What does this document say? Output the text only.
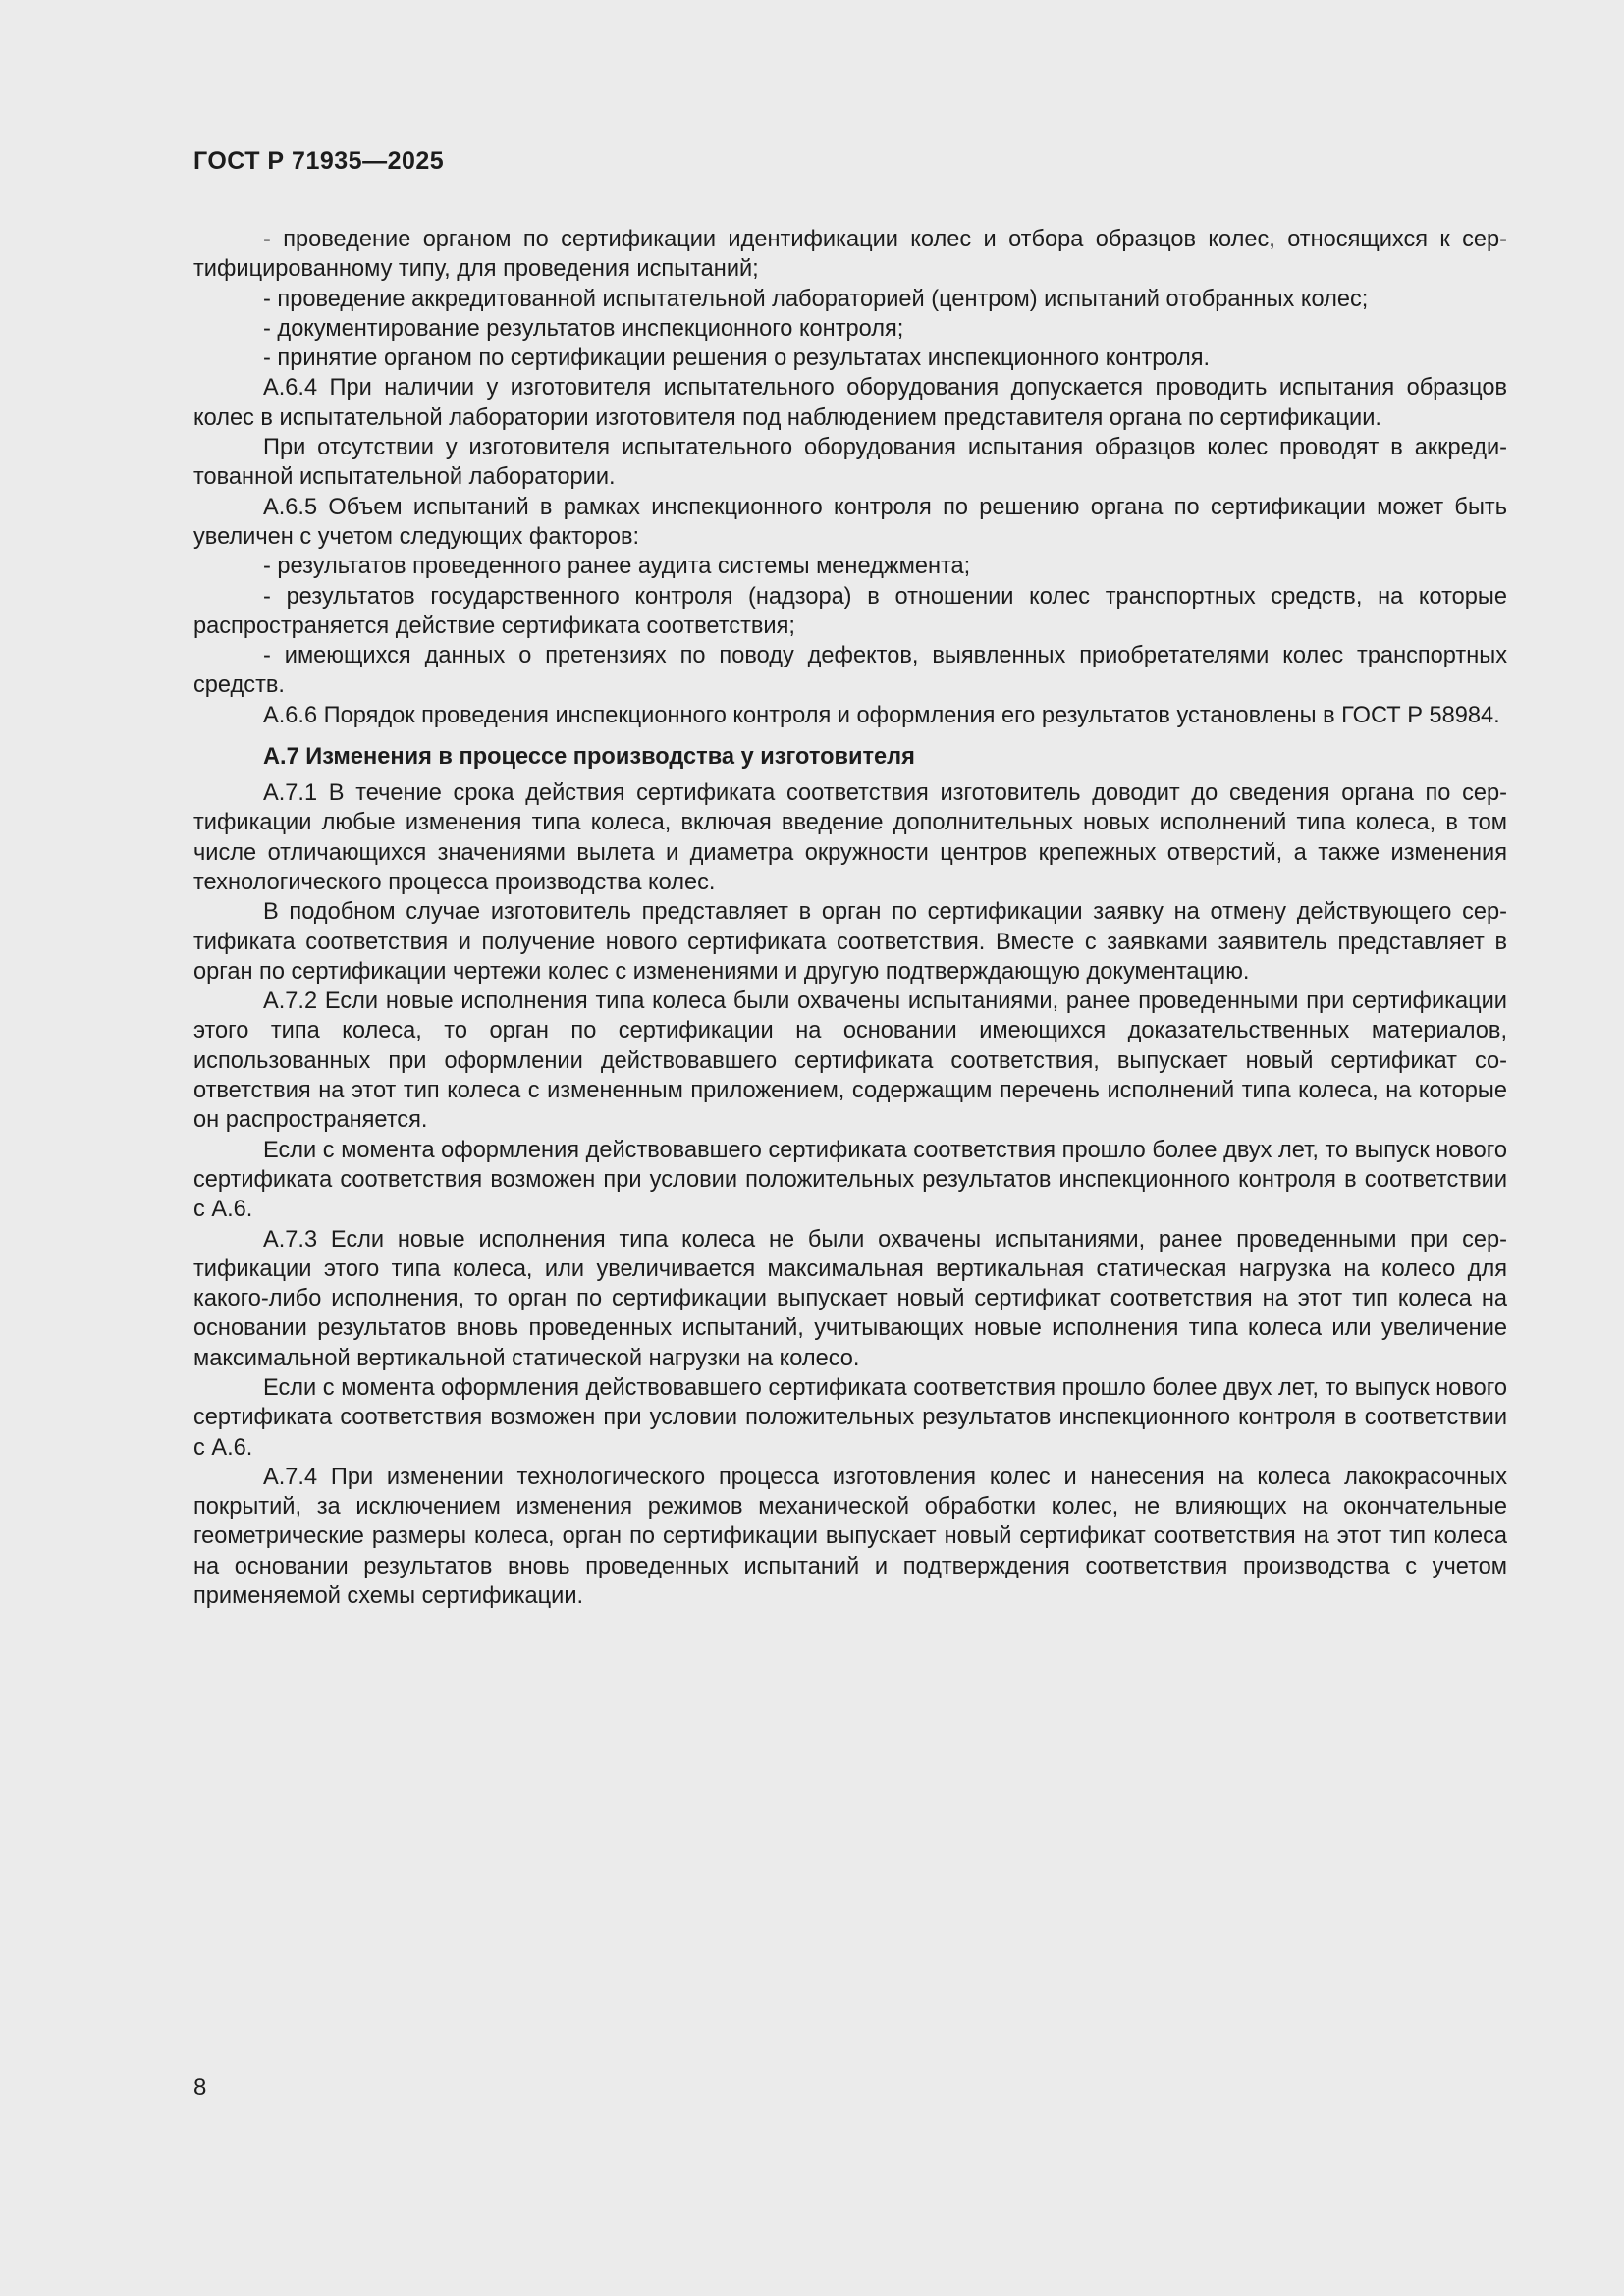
ГОСТ Р 71935—2025

- проведение органом по сертификации идентификации колес и отбора образцов колес, относящихся к сертифицированному типу, для проведения испытаний;

- проведение аккредитованной испытательной лабораторией (центром) испытаний отобранных колес;

- документирование результатов инспекционного контроля;

- принятие органом по сертификации решения о результатах инспекционного контроля.

А.6.4 При наличии у изготовителя испытательного оборудования допускается проводить испытания образцов колес в испытательной лаборатории изготовителя под наблюдением представителя органа по сертификации.

При отсутствии у изготовителя испытательного оборудования испытания образцов колес проводят в аккредитованной испытательной лаборатории.

А.6.5 Объем испытаний в рамках инспекционного контроля по решению органа по сертификации может быть увеличен с учетом следующих факторов:

- результатов проведенного ранее аудита системы менеджмента;

- результатов государственного контроля (надзора) в отношении колес транспортных средств, на которые распространяется действие сертификата соответствия;

- имеющихся данных о претензиях по поводу дефектов, выявленных приобретателями колес транспортных средств.

А.6.6 Порядок проведения инспекционного контроля и оформления его результатов установлены в ГОСТ Р 58984.

А.7 Изменения в процессе производства у изготовителя

А.7.1 В течение срока действия сертификата соответствия изготовитель доводит до сведения органа по сертификации любые изменения типа колеса, включая введение дополнительных новых исполнений типа колеса, в том числе отличающихся значениями вылета и диаметра окружности центров крепежных отверстий, а также изменения технологического процесса производства колес.

В подобном случае изготовитель представляет в орган по сертификации заявку на отмену действующего сертификата соответствия и получение нового сертификата соответствия. Вместе с заявками заявитель представляет в орган по сертификации чертежи колес с изменениями и другую подтверждающую документацию.

А.7.2 Если новые исполнения типа колеса были охвачены испытаниями, ранее проведенными при сертификации этого типа колеса, то орган по сертификации на основании имеющихся доказательственных материалов, использованных при оформлении действовавшего сертификата соответствия, выпускает новый сертификат соответствия на этот тип колеса с измененным приложением, содержащим перечень исполнений типа колеса, на которые он распространяется.

Если с момента оформления действовавшего сертификата соответствия прошло более двух лет, то выпуск нового сертификата соответствия возможен при условии положительных результатов инспекционного контроля в соответствии с А.6.

А.7.3 Если новые исполнения типа колеса не были охвачены испытаниями, ранее проведенными при сертификации этого типа колеса, или увеличивается максимальная вертикальная статическая нагрузка на колесо для какого-либо исполнения, то орган по сертификации выпускает новый сертификат соответствия на этот тип колеса на основании результатов вновь проведенных испытаний, учитывающих новые исполнения типа колеса или увеличение максимальной вертикальной статической нагрузки на колесо.

Если с момента оформления действовавшего сертификата соответствия прошло более двух лет, то выпуск нового сертификата соответствия возможен при условии положительных результатов инспекционного контроля в соответствии с А.6.

А.7.4 При изменении технологического процесса изготовления колес и нанесения на колеса лакокрасочных покрытий, за исключением изменения режимов механической обработки колес, не влияющих на окончательные геометрические размеры колеса, орган по сертификации выпускает новый сертификат соответствия на этот тип колеса на основании результатов вновь проведенных испытаний и подтверждения соответствия производства с учетом применяемой схемы сертификации.

8
